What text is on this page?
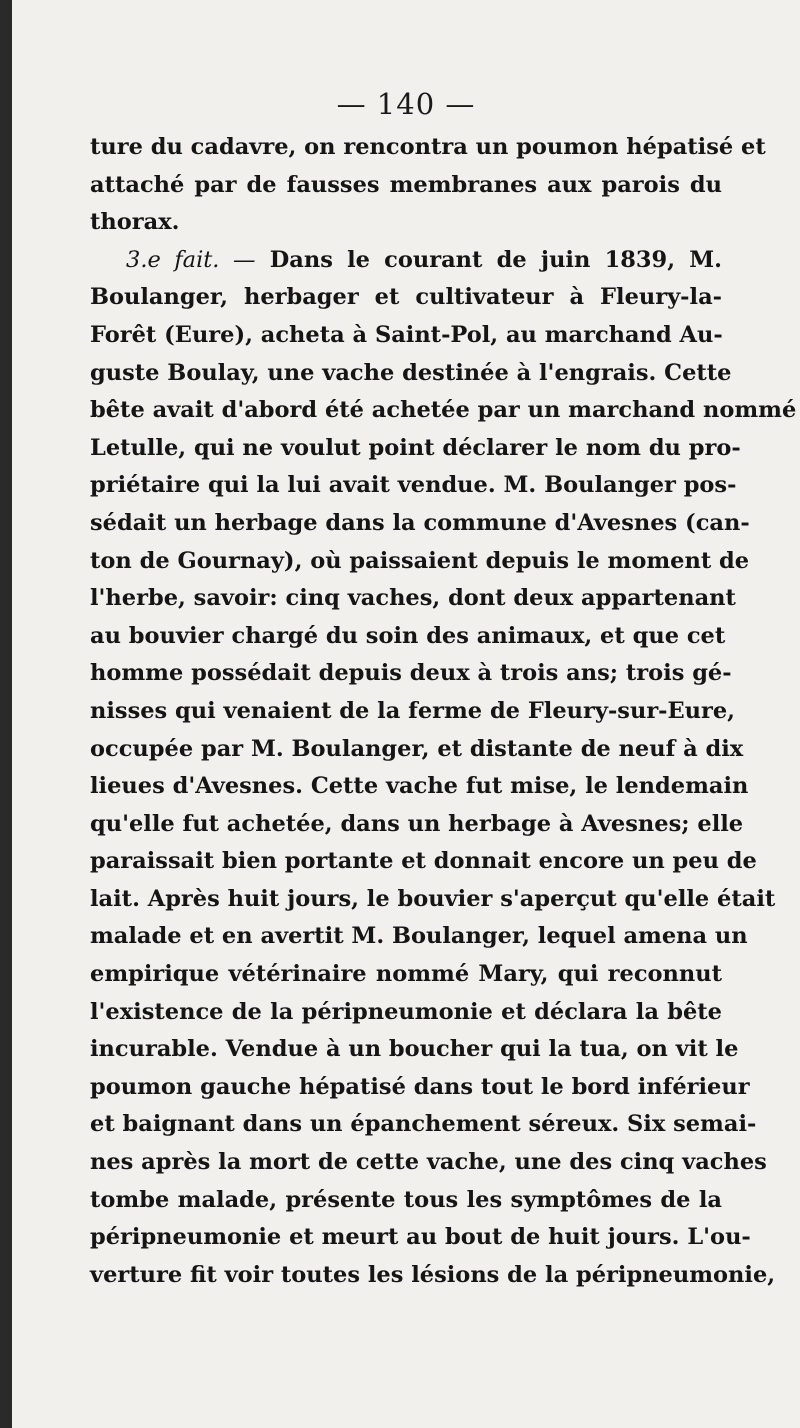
— 140 —
ture du cadavre, on rencontra un poumon hépatisé et
attaché par de fausses membranes aux parois du
thorax.
3.e fait. — Dans le courant de juin 1839, M.
Boulanger, herbager et cultivateur à Fleury-la-
Forêt (Eure), acheta à Saint-Pol, au marchand Au-
guste Boulay, une vache destinée à l'engrais. Cette
bête avait d'abord été achetée par un marchand nommé
Letulle, qui ne voulut point déclarer le nom du pro-
priétaire qui la lui avait vendue. M. Boulanger pos-
sédait un herbage dans la commune d'Avesnes (can-
ton de Gournay), où paissaient depuis le moment de
l'herbe, savoir: cinq vaches, dont deux appartenant
au bouvier chargé du soin des animaux, et que cet
homme possédait depuis deux à trois ans; trois gé-
nisses qui venaient de la ferme de Fleury-sur-Eure,
occupée par M. Boulanger, et distante de neuf à dix
lieues d'Avesnes. Cette vache fut mise, le lendemain
qu'elle fut achetée, dans un herbage à Avesnes; elle
paraissait bien portante et donnait encore un peu de
lait. Après huit jours, le bouvier s'aperçut qu'elle était
malade et en avertit M. Boulanger, lequel amena un
empirique vétérinaire nommé Mary, qui reconnut
l'existence de la péripneumonie et déclara la bête
incurable. Vendue à un boucher qui la tua, on vit le
poumon gauche hépatisé dans tout le bord inférieur
et baignant dans un épanchement séreux. Six semai-
nes après la mort de cette vache, une des cinq vaches
tombe malade, présente tous les symptômes de la
péripneumonie et meurt au bout de huit jours. L'ou-
verture fit voir toutes les lésions de la péripneumonie,
